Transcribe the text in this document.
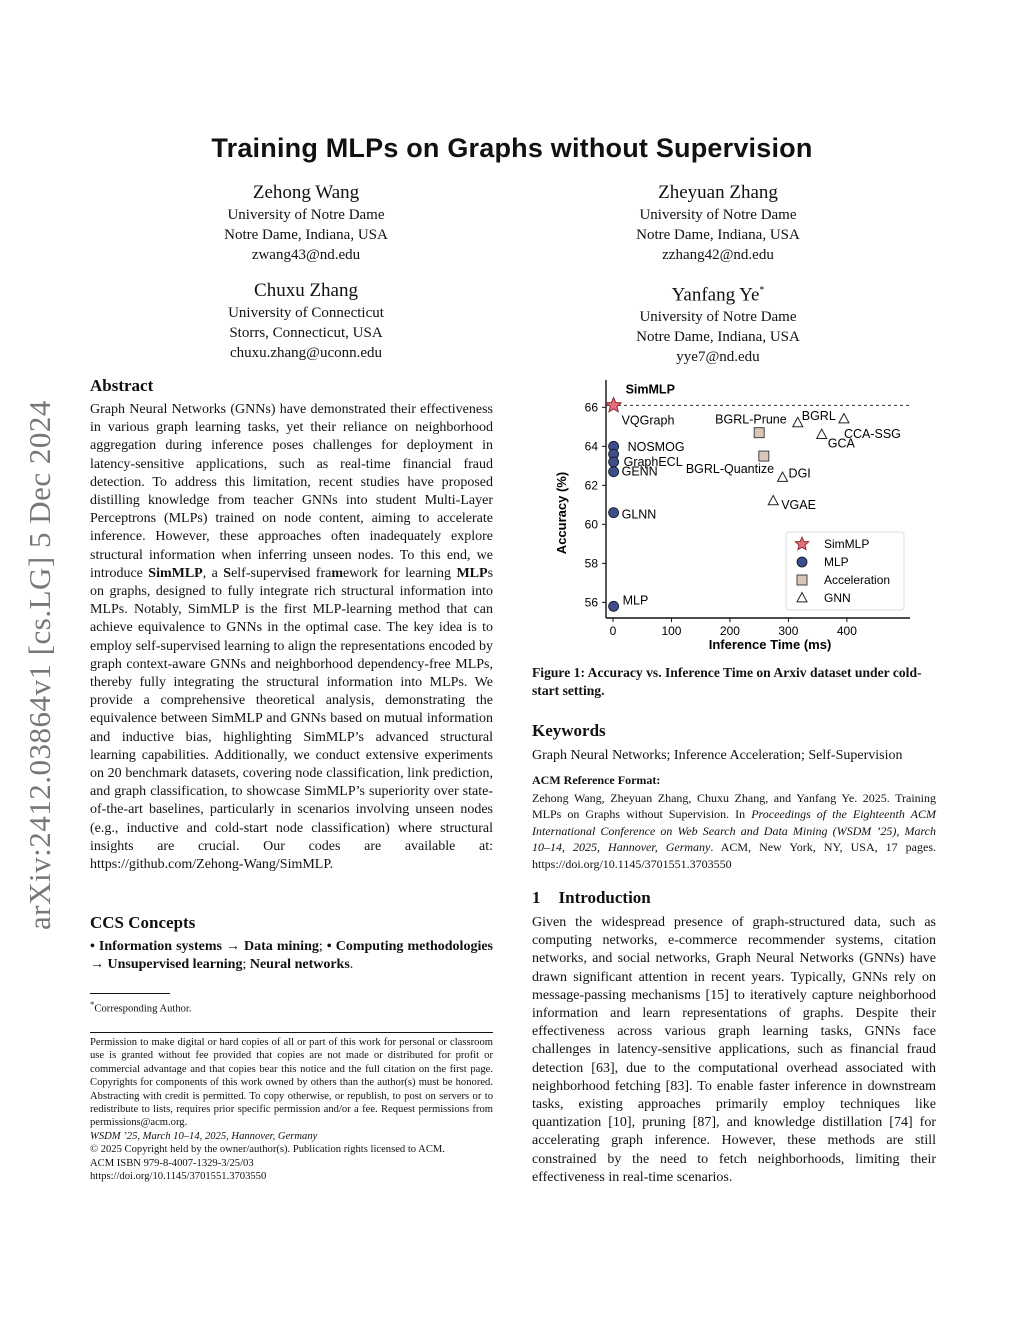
arXiv:2412.03864v1 [cs.LG] 5 Dec 2024
Training MLPs on Graphs without Supervision
Zehong Wang
University of Notre Dame
Notre Dame, Indiana, USA
zwang43@nd.edu
Zheyuan Zhang
University of Notre Dame
Notre Dame, Indiana, USA
zzhang42@nd.edu
Chuxu Zhang
University of Connecticut
Storrs, Connecticut, USA
chuxu.zhang@uconn.edu
Yanfang Ye*
University of Notre Dame
Notre Dame, Indiana, USA
yye7@nd.edu
Abstract
Graph Neural Networks (GNNs) have demonstrated their effectiveness in various graph learning tasks, yet their reliance on neighborhood aggregation during inference poses challenges for deployment in latency-sensitive applications, such as real-time financial fraud detection. To address this limitation, recent studies have proposed distilling knowledge from teacher GNNs into student Multi-Layer Perceptrons (MLPs) trained on node content, aiming to accelerate inference. However, these approaches often inadequately explore structural information when inferring unseen nodes. To this end, we introduce SimMLP, a Self-supervised framework for learning MLPs on graphs, designed to fully integrate rich structural information into MLPs. Notably, SimMLP is the first MLP-learning method that can achieve equivalence to GNNs in the optimal case. The key idea is to employ self-supervised learning to align the representations encoded by graph context-aware GNNs and neighborhood dependency-free MLPs, thereby fully integrating the structural information into MLPs. We provide a comprehensive theoretical analysis, demonstrating the equivalence between SimMLP and GNNs based on mutual information and inductive bias, highlighting SimMLP’s advanced structural learning capabilities. Additionally, we conduct extensive experiments on 20 benchmark datasets, covering node classification, link prediction, and graph classification, to showcase SimMLP’s superiority over state-of-the-art baselines, particularly in scenarios involving unseen nodes (e.g., inductive and cold-start node classification) where structural insights are crucial. Our codes are available at: https://github.com/Zehong-Wang/SimMLP.
CCS Concepts
• Information systems → Data mining; • Computing methodologies → Unsupervised learning; Neural networks.
*Corresponding Author.
Permission to make digital or hard copies of all or part of this work for personal or classroom use is granted without fee provided that copies are not made or distributed for profit or commercial advantage and that copies bear this notice and the full citation on the first page. Copyrights for components of this work owned by others than the author(s) must be honored. Abstracting with credit is permitted. To copy otherwise, or republish, to post on servers or to redistribute to lists, requires prior specific permission and/or a fee. Request permissions from permissions@acm.org.
WSDM ’25, March 10–14, 2025, Hannover, Germany
© 2025 Copyright held by the owner/author(s). Publication rights licensed to ACM.
ACM ISBN 979-8-4007-1329-3/25/03
https://doi.org/10.1145/3701551.3703550
0	100	200	300	400
56
58
60
62
64
66
Inference Time (ms)
Accuracy (%)
SimMLP
VQGraph
NOSMOG
GraphECL
GENN
GLNN
MLP
BGRL-Prune
BGRL-Quantize
BGRL
CCA-SSG
GCA
DGI
VGAE
SimMLP
MLP
Acceleration
GNN
Figure 1: Accuracy vs. Inference Time on Arxiv dataset under cold-start setting.
Keywords
Graph Neural Networks; Inference Acceleration; Self-Supervision
ACM Reference Format:
Zehong Wang, Zheyuan Zhang, Chuxu Zhang, and Yanfang Ye. 2025. Training MLPs on Graphs without Supervision. In Proceedings of the Eighteenth ACM International Conference on Web Search and Data Mining (WSDM ’25), March 10–14, 2025, Hannover, Germany. ACM, New York, NY, USA, 17 pages. https://doi.org/10.1145/3701551.3703550
1 Introduction
Given the widespread presence of graph-structured data, such as computing networks, e-commerce recommender systems, citation networks, and social networks, Graph Neural Networks (GNNs) have drawn significant attention in recent years. Typically, GNNs rely on message-passing mechanisms [15] to iteratively capture neighborhood information and learn representations of graphs. Despite their effectiveness across various graph learning tasks, GNNs face challenges in latency-sensitive applications, such as financial fraud detection [63], due to the computational overhead associated with neighborhood fetching [83]. To enable faster inference in downstream tasks, existing approaches primarily employ techniques like quantization [10], pruning [87], and knowledge distillation [74] for accelerating graph inference. However, these methods are still constrained by the need to fetch neighborhoods, limiting their effectiveness in real-time scenarios.
